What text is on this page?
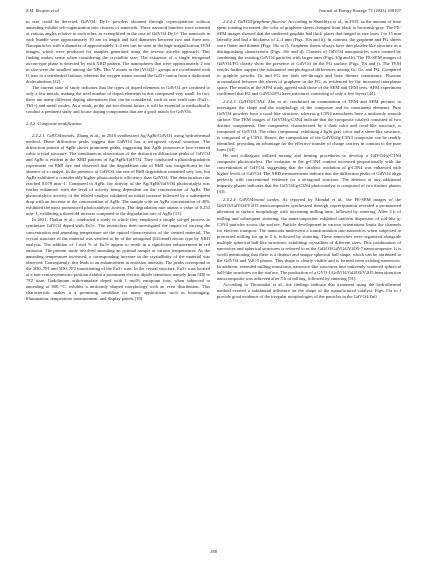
S.M. Reapon et al.	Journal of Energy Storage 72 (2023) 108197

in size could be detected. GdVO4: Dy3+ powders obtained through coprecipitation without annealing exhibit self-organization into clusters of nanorods. These nanorod bunches were oriented at various angles relative to each other, as exemplified in the case of GdVO4:Dy3+. The nanorods in each bundle were approximately 10 nm in length and had diameters between two and three nm. Nanoparticles with a diameter of approximately 3–4 nm can be seen in the high-magnification TEM images, which were produced for samples generated using the reverse micelle approach. This finding makes sense when considering the crystallite size. The existence of a single tetragonal zircon-type phase is detected by each XRD pattern. The nanospheres that were approximately 2 nm in size were the smallest among the NPs. The V atoms in the [VO4]3− groups are coordinated with O ions in a tetrahedral fashion, whereas the oxygen atoms around the Gd3+ cation form a dodecanal dodecahedron [22].

The current state of study indicates that the types of doped elements in GdVO4 are confined to only a few metals, making the total number of doped elements in this compound very small. In fact, there are many different doping alternatives that can be considered, such as rare earth ions (Eu3+, Tb3+) and metal oxides. As a result, in the not-too-distant future, it will be essential to methodically conduct a pertinent study and locate doping components that are a good match for GdVO4.

2.4.2. Composite modification

2.4.2.1. GdVO4/metals. Zhang et al., in 2018 synthesized Ag/AgBr/GdVO4 using hydrothermal method. These diffraction peaks suggest that GdVO4 has a tetragonal crystal structure. The diffraction pattern of AgBr shows prominent peaks, suggesting that AgBr possesses a face-centered cubic crystal structure. The simultaneous observation of the distinctive diffraction peaks of GdVO4 and AgBr is evident in the XRD patterns of Ag/AgBr/GdVO4. They conducted a photodegradation experiment on RhB dye and observed that the degradation rate of RhB was insignificant in the absence of a catalyst. In the presence of GdVO4, the rate of RhB degradation remained very low, but AgBr exhibited a considerably higher photocatalytic efficiency than GdVO4. The deterioration rate reached 0.079 min−1. Compared to AgBr, the activity of the Ag/AgBr/GdVO4 photocatalyst was further enhanced, with the level of activity being dependent on the concentration of AgBr. The photocatalytic activity of the related catalyst exhibited an initial increase followed by a subsequent drop with an increase in the concentration of AgBr. The sample with an AgBr concentration of 40% exhibited the most pronounced photocatalytic activity. The degradation rate attains a value of 0.253 min−1, exhibiting a threefold increase compared to the degradation rate of AgBr [15].

In 2021, Thakur et al., conducted a study in which they employed a simple sol-gel process to synthesize GdVO4 doped with Eu3+. The researchers then investigated the impact of varying the concentration and annealing temperature on the optical characteristics of the created material. The crystal structure of the material was verified to be of the tetragonal (I41/amd) zircon type by XRD analysis. The addition of 1 mol % of Eu3+ appear to result in a significant enhancement in red emission. The present study involved annealing an optimal sample at various temperatures. As the annealing temperature increased, a corresponding increase in the crystallinity of the material was observed. Consequently, this leads to an enhancement in emission intensity. The peaks correspond to the 5D0–7F1 and 5D0–7F2 transitioning of the Eu3+ ions. In the crystal structure, Eu3+ ions located at a non-centrosymmetric position exhibit a prominent electric dipole transition, namely from 5D0 to 7F2 state. Gadolinium orthovanadate doped with 1 mol% europium ions, when subjected to annealing at 800 °C, exhibits a uniformly shaped morphology with an even distribution. This characteristic makes it a promising candidate for many applications such as bioimaging, illumination, temperature measurement, and display panels [19].

2.4.2.2. GdVO4/graphene fluorine. According to Shandilya et al., in 2019, as the amount of time spent rotating increased, the color of graphene sheets changed from black to brownish-gray. The FE-SEM images showed that the unaltered graphite had thick plates that ranged in size from 1 to 15 mm laterally and had a thickness of 2–4 mm (Figs. 10a and b). In contrast, the graphene and FG sheets were flatter and thinner (Figs. 10c to f). Graphene sheets always have thin platelet-like structure as a distinguishing characteristic (Figs. 10e and d). Clusters of GdVO4 nanoparticles were created by combining the existing GdVO4 particles with larger ones (Figs. 10g and h). The FE-SEM images of GdVO4/FG clearly show the presence of GdVO4 on the FG surface (Figs. 10i and j). The TEM results further support the substantial morphological differences among Gr, Gr, and FG. Compared to graphite powder, Gr and FG are both see-through and have thinner consistency. Fluorine accumulated between the sheets of graphene in the FG, as evidenced by the increased interplanar space. The results of the AFM study agreed with those of the SEM and TEM tests. AFM experiment confirmed that FG and GdVO4/FG have structures consisting of only a few layers [44].

2.4.2.3. GdVO4/C3N4. Zhu et al. conducted an examination of TEM and SEM pictures to investigate the shape and the morphology of the composite and its constituent elements. Pure GdVO4 powders have a coral-like structure, whereas g-C3N4 nanosheets have a uniformly smooth surface. The TEM images of GdVO4/g-C3N4 indicate that the composite catalyst consisted of two distinct components. One component, characterized by a dark color and coral-like structure, is composed of GdVO4. The other component, exhibiting a light gray color and a sheet-like structure, is composed of g-C3N4. Hence, the composition of the GdVO4/g-C3N4 composite can be readily identified, providing an advantage for the effective transfer of charge carriers in contrast to the pure form [34].

He and colleagues utilized mixing and heating procedures to develop a GdVO4/g-C3N4 composite photocatalyst. The variation in the g-C3N4 content increased proportionally with the concentration of GdVO4, suggesting that the catalytic oxidation of g-C3N4 was enhanced with higher levels of GdVO4. The XRD measurements indicate that the diffraction peaks of GdVO4 align perfectly with conventional evidence for a tetragonal structure. The absence of any additional impurity phases indicates that the GdVO4/g-C3N4 photocatalyst is composed of two distinct phases [33].

2.4.2.4. GdVO4/metal oxides. As reported by Mondal et al., the FE-SEM images of the Gd2O3/GdVO4/V2O5 nanocomposites synthesized through coprecipitation revealed a pronounced alteration in surface morphology with increasing milling time, followed by sintering. After 3 h of milling and subsequent sintering, the nanocomposites exhibited uniform dispersion of rod-like g-C3N4 particles across the surface. Particle development in various orientations limits the channels for electron transport. The nanorods underwent a transformation into nanowires when subjected to protracted milling for up to 5 h, followed by sintering. These nanowires were organized alongside multiple spherical ball-like structures, exhibiting crystallites of different sizes. This combination of nanowires and spherical structures is referred to as the Gd2O3/GdVO4/V2O5-7 nanocomposite. It is worth mentioning that there is a distinct and unique spherical ball shape, which can be attributed to the GdVO4 and V2O5 phases. This shape is clearly visible and is formed from existing nanowires. In addition, extended milling transforms nanowire-like structures into uniformly scattered spherical ball-like structures on the surface. The production of a GVO-1/GdVO4/Gd2O3/V2O5 heterojunction nanocomposite was achieved after 5 h of milling, followed by sintering [51].

According to Thirumalai et al., the findings indicate that treatment using the hydrothermal method exerted a substantial influence on the shape of the manufactured catalyst. Figs. 11a to f provide good evidence of the irregular morphologies of the particles in the GdVO4:Zn0

188
